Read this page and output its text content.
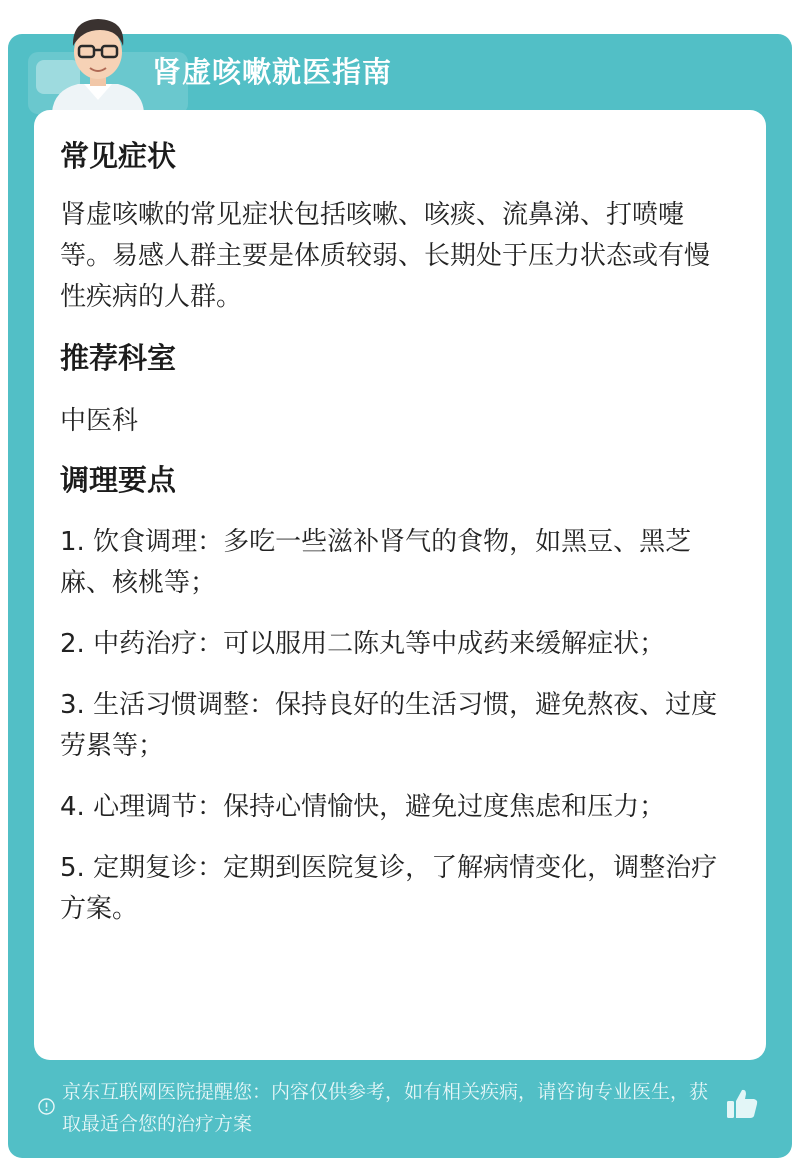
肾虚咳嗽就医指南
常见症状

肾虚咳嗽的常见症状包括咳嗽、咳痰、流鼻涕、打喷嚏等。易感人群主要是体质较弱、长期处于压力状态或有慢性疾病的人群。

推荐科室

中医科

调理要点

1. 饮食调理：多吃一些滋补肾气的食物，如黑豆、黑芝麻、核桃等；

2. 中药治疗：可以服用二陈丸等中成药来缓解症状；

3. 生活习惯调整：保持良好的生活习惯，避免熬夜、过度劳累等；

4. 心理调节：保持心情愉快，避免过度焦虑和压力；

5. 定期复诊：定期到医院复诊，了解病情变化，调整治疗方案。

京东互联网医院提醒您：内容仅供参考，如有相关疾病，请咨询专业医生，获取最适合您的治疗方案
